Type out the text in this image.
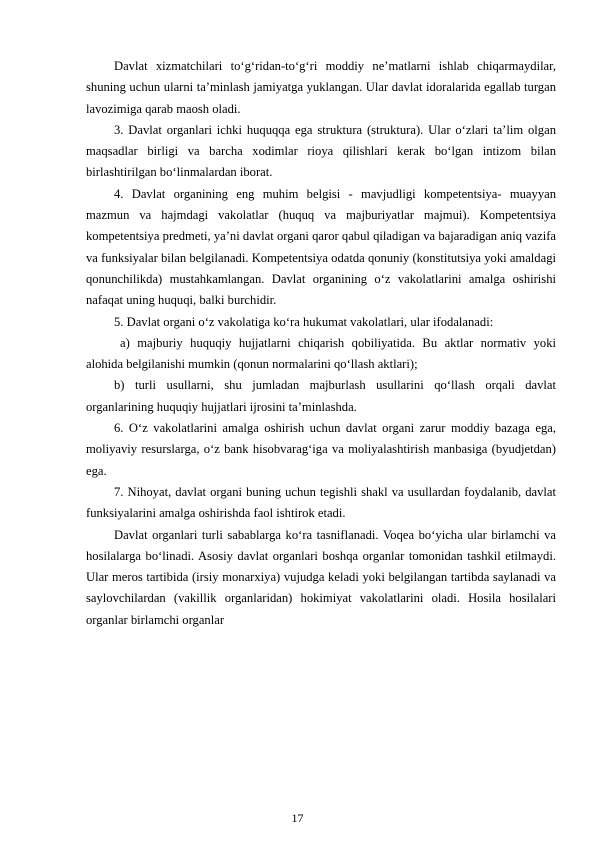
Davlat xizmatchilari to‘g‘ridan-to‘g‘ri moddiy ne’matlarni ishlab chiqarmaydilar, shuning uchun ularni ta’minlash jamiyatga yuklangan. Ular davlat idoralarida egallab turgan lavozimiga qarab maosh oladi.

3. Davlat organlari ichki huquqqa ega struktura (struktura). Ular o‘zlari ta’lim olgan maqsadlar birligi va barcha xodimlar rioya qilishlari kerak bo‘lgan intizom bilan birlashtirilgan bo‘linmalardan iborat.

4. Davlat organining eng muhim belgisi - mavjudligi kompetentsiya- muayyan mazmun va hajmdagi vakolatlar (huquq va majburiyatlar majmui). Kompetentsiya kompetentsiya predmeti, ya’ni davlat organi qaror qabul qiladigan va bajaradigan aniq vazifa va funksiyalar bilan belgilanadi. Kompetentsiya odatda qonuniy (konstitutsiya yoki amaldagi qonunchilikda) mustahkamlangan. Davlat organining o‘z vakolatlarini amalga oshirishi nafaqat uning huquqi, balki burchidir.

5. Davlat organi o‘z vakolatiga ko‘ra hukumat vakolatlari, ular ifodalanadi:

a) majburiy huquqiy hujjatlarni chiqarish qobiliyatida. Bu aktlar normativ yoki alohida belgilanishi mumkin (qonun normalarini qo‘llash aktlari);

b) turli usullarni, shu jumladan majburlash usullarini qo‘llash orqali davlat organlarining huquqiy hujjatlari ijrosini ta’minlashda.

6. O‘z vakolatlarini amalga oshirish uchun davlat organi zarur moddiy bazaga ega, moliyaviy resurslarga, o‘z bank hisobvarag‘iga va moliyalashtirish manbasiga (byudjetdan) ega.

7. Nihoyat, davlat organi buning uchun tegishli shakl va usullardan foydalanib, davlat funksiyalarini amalga oshirishda faol ishtirok etadi.

Davlat organlari turli sabablarga ko‘ra tasniflanadi. Voqea bo‘yicha ular birlamchi va hosilalarga bo‘linadi. Asosiy davlat organlari boshqa organlar tomonidan tashkil etilmaydi. Ular meros tartibida (irsiy monarxiya) vujudga keladi yoki belgilangan tartibda saylanadi va saylovchilardan (vakillik organlaridan) hokimiyat vakolatlarini oladi. Hosila hosilalari organlar birlamchi organlar

17
